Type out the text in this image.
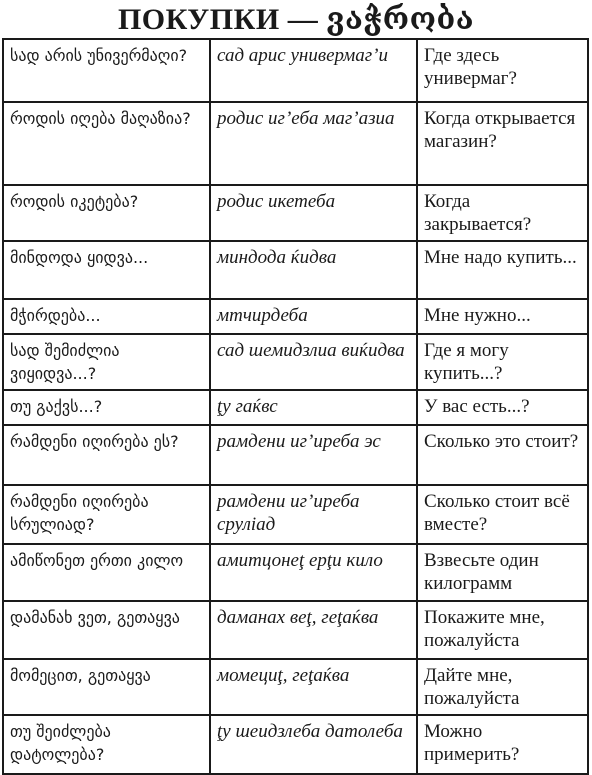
ПОКУПКИ — ვაჭრობა
სად არის უნივერმაღი?	сад арис универмаг’и	Где здесь универмаг?
როდის იღება მაღაზია?	родис иг’еба маг’азиа	Когда открывается магазин?
როდის იკეტება?	родис икетеба	Когда закрывается?
მინდოდა ყიდვა...	миндода ќидва	Мне надо купить...
მჭირდება...	мтчирдеба	Мне нужно...
სად შემიძლია ვიყიდვა...?	сад шемидзлиа виќидва	Где я могу купить...?
თუ გაქვს...?	ţу гаќвс	У вас есть...?
რამდენი იღირება ეს?	рамдени иг’иреба эс	Сколько это стоит?
რამდენი იღირება სრულიად?	рамдени иг’иреба сруліад	Сколько стоит всё вместе?
ამიწონეთ ერთი კილო	амитцонеţ ерţи кило	Взвесьте один килограмм
დამანახ ვეთ, გეთაყვა	даманах веţ, геţаќва	Покажите мне, пожалуйста
მომეცით, გეთაყვა	момециţ, геţаќва	Дайте мне, пожалуйста
თუ შეიძლება დატოლება?	ţу шеидзлеба датолеба	Можно примерить?
